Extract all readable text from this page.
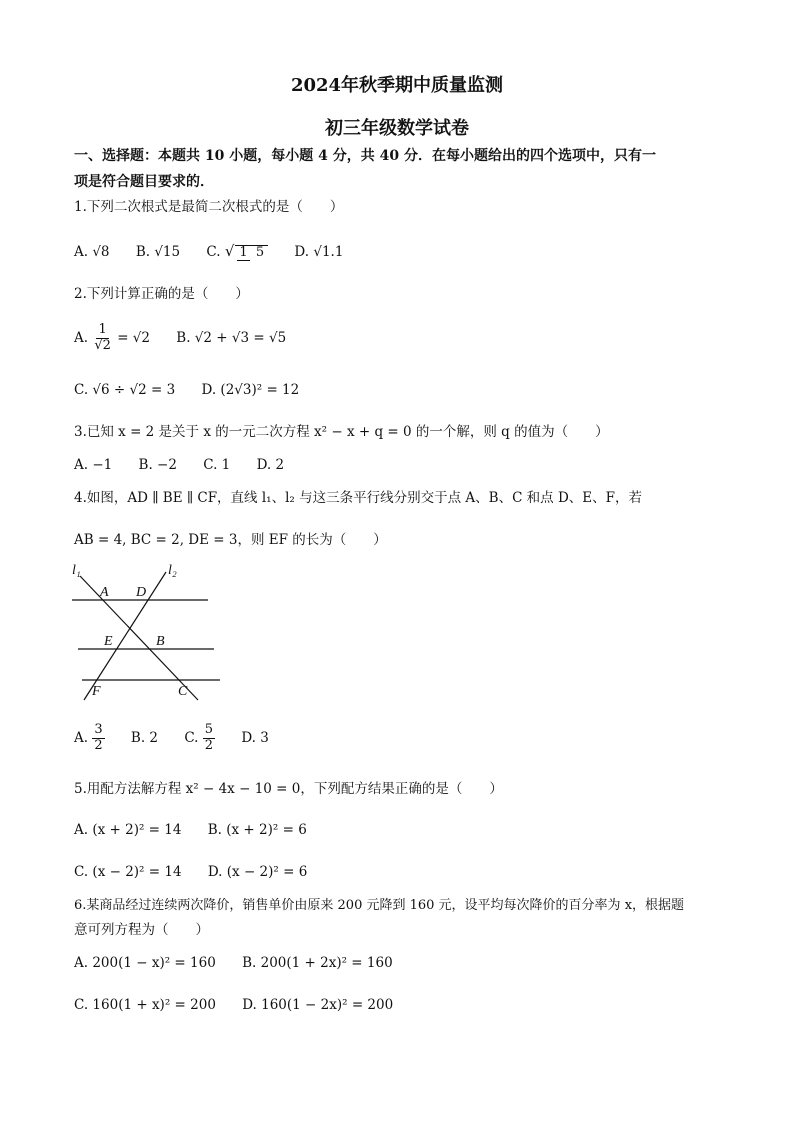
2024年秋季期中质量监测
初三年级数学试卷
一、选择题：本题共 10 小题，每小题 4 分，共 40 分．在每小题给出的四个选项中，只有一
项是符合题目要求的．
1.下列二次根式是最简二次根式的是（　　）
A. √8 B. √15 C. √ 1 5 D. √1.1
2.下列计算正确的是（　　）
A. $\frac{1}{√2} = √2$ B. √2 + √3 = √5
C. √6 ÷ √2 = 3 D. (2√3)² = 12
3.已知 x = 2 是关于 x 的一元二次方程 x² − x + q = 0 的一个解，则 q 的值为（　　）
A. −1 B. −2 C. 1 D. 2
4.如图，AD ∥ BE ∥ CF，直线 l₁、l₂ 与这三条平行线分别交于点 A、B、C 和点 D、E、F，若
AB = 4, BC = 2, DE = 3，则 EF 的长为（　　）
l₁	l₂
A D
E	B
F	C
A. $\frac{3}{2} B$. 2 C. $\frac{5}{2} D$. 3
5.用配方法解方程 x² − 4x − 10 = 0，下列配方结果正确的是（　　）
A. (x + 2)² = 14 B. (x + 2)² = 6
C. (x − 2)² = 14 D. (x − 2)² = 6
6.某商品经过连续两次降价，销售单价由原来 200 元降到 160 元，设平均每次降价的百分率为 x，根据题
意可列方程为（　　）
A. 200(1 − x)² = 160 B. 200(1 + 2x)² = 160
C. 160(1 + x)² = 200 D. 160(1 − 2x)² = 200
